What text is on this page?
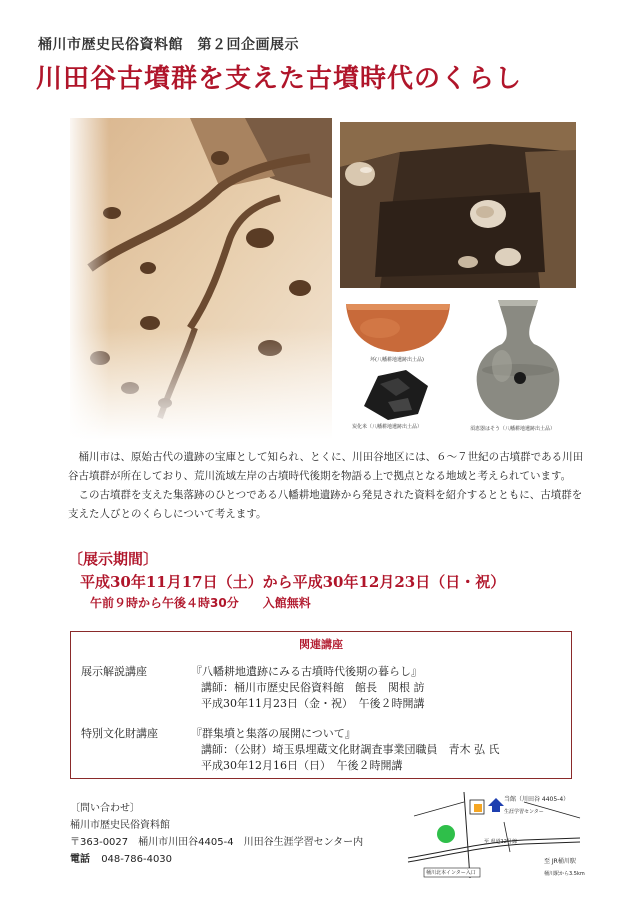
桶川市歴史民俗資料館　第２回企画展示
川田谷古墳群を支えた古墳時代のくらし
坏(八幡耕地遺跡出土品)
炭化米（八幡耕地遺跡出土品）	須恵器はそう（八幡耕地遺跡出土品）

桶川市は、原始古代の遺跡の宝庫として知られ、とくに、川田谷地区には、６～７世紀の古墳群である川田谷古墳群が所在しており、荒川流域左岸の古墳時代後期を物語る上で拠点となる地域と考えられています。

この古墳群を支えた集落跡のひとつである八幡耕地遺跡から発見された資料を紹介するとともに、古墳群を支えた人びとのくらしについて考えます。

〔展示期間〕
平成30年11月17日（土）から平成30年12月23日（日・祝）
午前９時から午後４時30分　　入館無料
関連講座
展示解説講座	『八幡耕地遺跡にみる古墳時代後期の暮らし』
講師：桶川市歴史民俗資料館　館長　関根 訪
平成30年11月23日（金・祝）　午後２時開講
特別文化財講座	『群集墳と集落の展開について』
講師：（公財）埼玉県埋蔵文化財調査事業団職員　青木 弘 氏
平成30年12月16日（日）　午後２時開講
〔問い合わせ〕
桶川市歴史民俗資料館
〒363-0027　桶川市川田谷4405-4　川田谷生涯学習センター内
電話 048-786-4030
当館（川田谷 4405-4）
生涯学習センター
至 県道12号線
至 JR桶川駅
桶川北本インター入口	桶川駅から3.5km
